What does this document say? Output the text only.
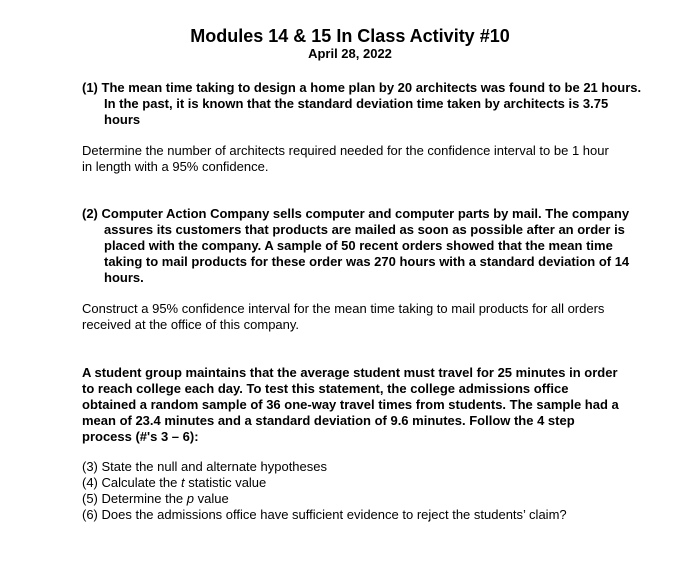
Modules 14 & 15 In Class Activity #10
April 28, 2022
(1) The mean time taking to design a home plan by 20 architects was found to be 21 hours. In the past, it is known that the standard deviation time taken by architects is 3.75 hours
Determine the number of architects required needed for the confidence interval to be 1 hour in length with a 95% confidence.
(2) Computer Action Company sells computer and computer parts by mail. The company assures its customers that products are mailed as soon as possible after an order is placed with the company. A sample of 50 recent orders showed that the mean time taking to mail products for these order was 270 hours with a standard deviation of 14 hours.
Construct a 95% confidence interval for the mean time taking to mail products for all orders received at the office of this company.
A student group maintains that the average student must travel for 25 minutes in order to reach college each day. To test this statement, the college admissions office obtained a random sample of 36 one-way travel times from students. The sample had a mean of 23.4 minutes and a standard deviation of 9.6 minutes. Follow the 4 step process (#'s 3 – 6):
(3) State the null and alternate hypotheses
(4) Calculate the t statistic value
(5) Determine the p value
(6) Does the admissions office have sufficient evidence to reject the students’ claim?
